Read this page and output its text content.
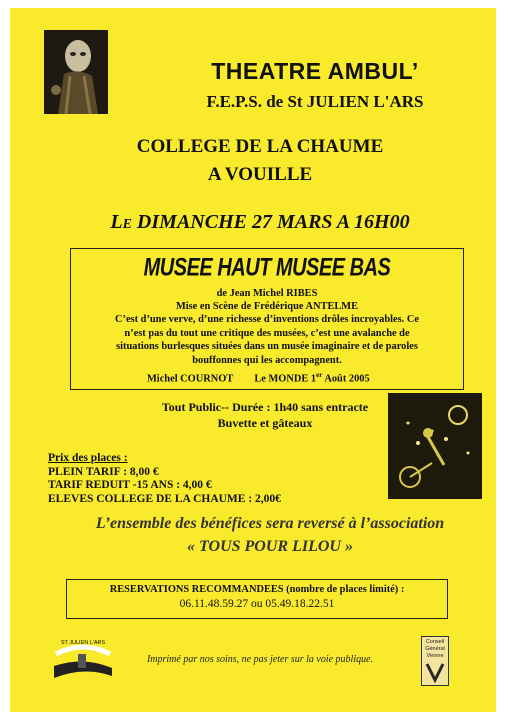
THEATRE AMBUL’
F.E.P.S. de St JULIEN L'ARS
COLLEGE DE LA CHAUME
A VOUILLE
Le DIMANCHE 27 MARS A 16H00
MUSEE HAUT MUSEE BAS
de Jean Michel RIBES
Mise en Scène de Frédérique ANTELME
C’est d’une verve, d’une richesse d’inventions drôles incroyables. Ce
n’est pas du tout une critique des musées, c’est une avalanche de
situations burlesques situées dans un musée imaginaire et de paroles
bouffonnes qui les accompagnent.
Michel COURNOT Le MONDE 1er Août 2005
Tout Public-- Durée : 1h40 sans entracte
Buvette et gâteaux
Prix des places :
PLEIN TARIF : 8,00 €
TARIF REDUIT -15 ANS : 4,00 €
ELEVES COLLEGE DE LA CHAUME : 2,00€
L’ensemble des bénéfices sera reversé à l’association
« TOUS POUR LILOU »
RESERVATIONS RECOMMANDEES (nombre de places limité) :
06.11.48.59.27 ou 05.49.18.22.51
ST JULIEN L'ARS
Imprimé par nos soins, ne pas jeter sur la voie publique.
Conseil
Général
Vienne
